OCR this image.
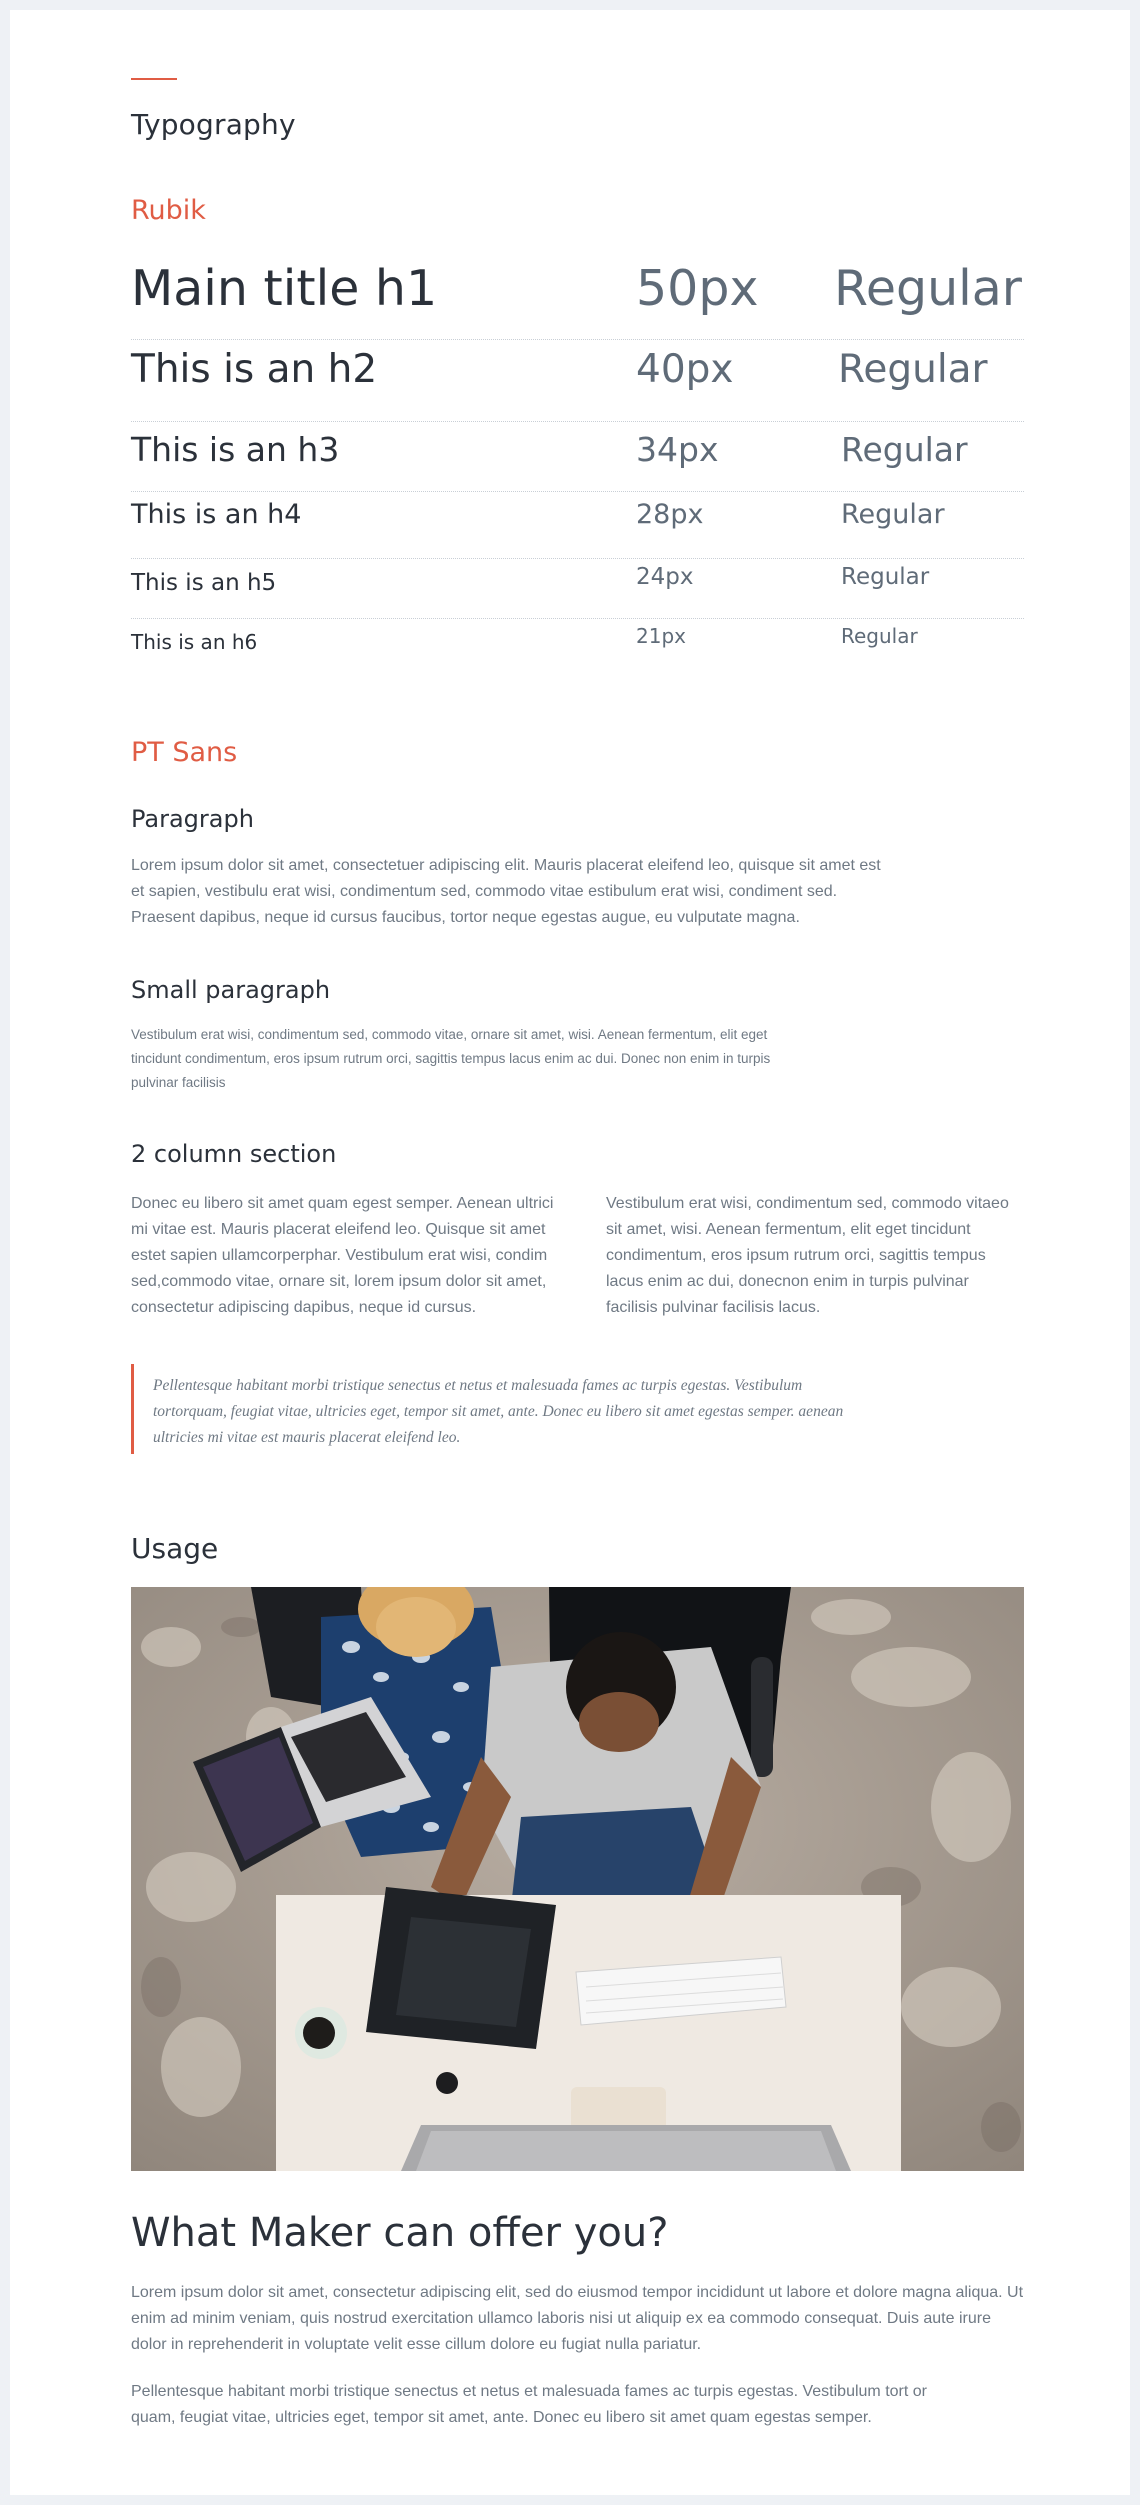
Typography
Rubik
Main title h1	50px Regular
This is an h2	40px	Regular
This is an h3	34px	Regular
This is an h4	28px	Regular
This is an h5	24px	Regular
This is an h6	21px	Regular
PT Sans
Paragraph
Lorem ipsum dolor sit amet, consectetuer adipiscing elit. Mauris placerat eleifend leo, quisque sit amet est et sapien, vestibulu erat wisi, condimentum sed, commodo vitae estibulum erat wisi, condiment sed. Praesent dapibus, neque id cursus faucibus, tortor neque egestas augue, eu vulputate magna.
Small paragraph
Vestibulum erat wisi, condimentum sed, commodo vitae, ornare sit amet, wisi. Aenean fermentum, elit eget tincidunt condimentum, eros ipsum rutrum orci, sagittis tempus lacus enim ac dui. Donec non enim in turpis pulvinar facilisis
2 column section
Donec eu libero sit amet quam egest semper. Aenean ultrici mi vitae est. Mauris placerat eleifend leo. Quisque sit amet estet sapien ullamcorperphar. Vestibulum erat wisi, condim sed,commodo vitae, ornare sit, lorem ipsum dolor sit amet, consectetur adipiscing dapibus, neque id cursus.
Vestibulum erat wisi, condimentum sed, commodo vitaeo sit amet, wisi. Aenean fermentum, elit eget tincidunt condimentum, eros ipsum rutrum orci, sagittis tempus lacus enim ac dui, donecnon enim in turpis pulvinar facilisis pulvinar facilisis lacus.

Pellentesque habitant morbi tristique senectus et netus et malesuada fames ac turpis egestas. Vestibulum tortorquam, feugiat vitae, ultricies eget, tempor sit amet, ante. Donec eu libero sit amet egestas semper. aenean ultricies mi vitae est mauris placerat eleifend leo.

Usage
What Maker can offer you?
Lorem ipsum dolor sit amet, consectetur adipiscing elit, sed do eiusmod tempor incididunt ut labore et dolore magna aliqua. Ut enim ad minim veniam, quis nostrud exercitation ullamco laboris nisi ut aliquip ex ea commodo consequat. Duis aute irure dolor in reprehenderit in voluptate velit esse cillum dolore eu fugiat nulla pariatur.
Pellentesque habitant morbi tristique senectus et netus et malesuada fames ac turpis egestas. Vestibulum tort or quam, feugiat vitae, ultricies eget, tempor sit amet, ante. Donec eu libero sit amet quam egestas semper.
